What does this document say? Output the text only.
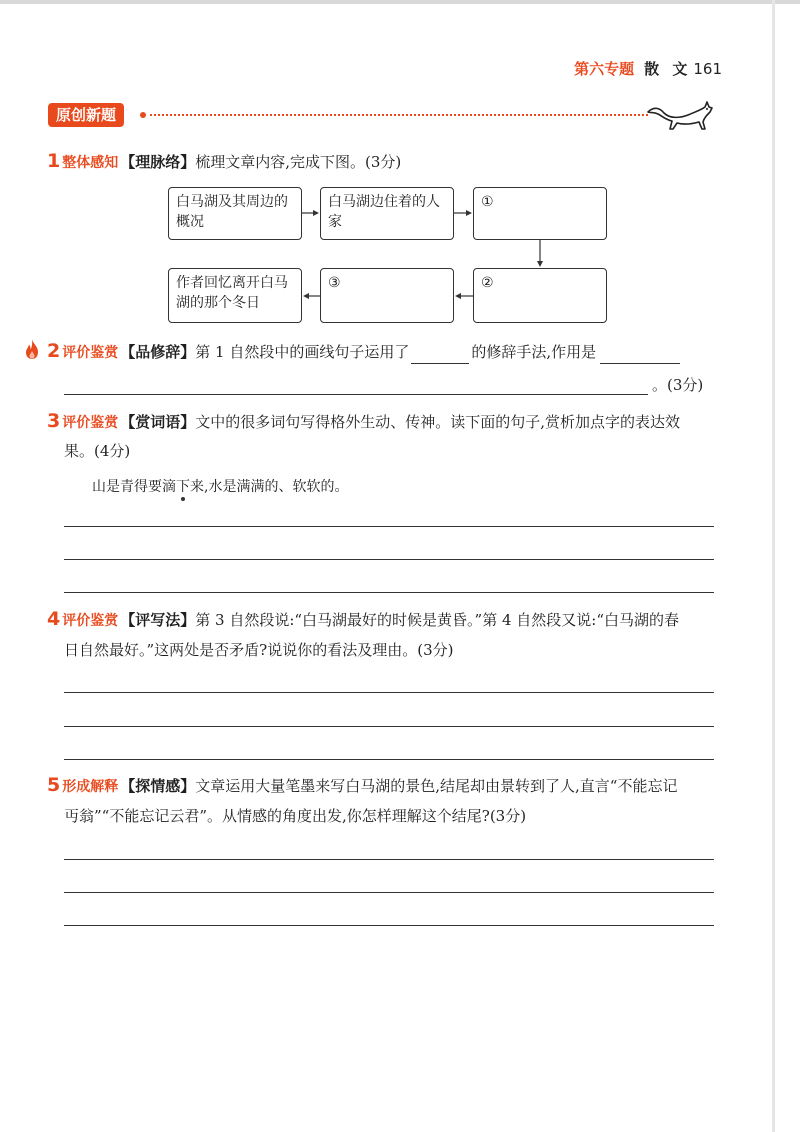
第六专题 散 文 161
原创新题
1 整体感知 【理脉络】梳理文章内容,完成下图。(3分)
白马湖及其周边的概况
白马湖边住着的人家
①
②
③
作者回忆离开白马湖的那个冬日
2 评价鉴赏 【品修辞】第 1 自然段中的画线句子运用了	的修辞手法,作用是
。(3分)
3 评价鉴赏 【赏词语】文中的很多词句写得格外生动、传神。读下面的句子,赏析加点字的表达效
果。(4分)
山是青得要滴下来,水是满满的、软软的。
4 评价鉴赏 【评写法】第 3 自然段说:“白马湖最好的时候是黄昏。”第 4 自然段又说:“白马湖的春
日自然最好。”这两处是否矛盾?说说你的看法及理由。(3分)
5 形成解释 【探情感】文章运用大量笔墨来写白马湖的景色,结尾却由景转到了人,直言“不能忘记
丏翁”“不能忘记云君”。从情感的角度出发,你怎样理解这个结尾?(3分)
